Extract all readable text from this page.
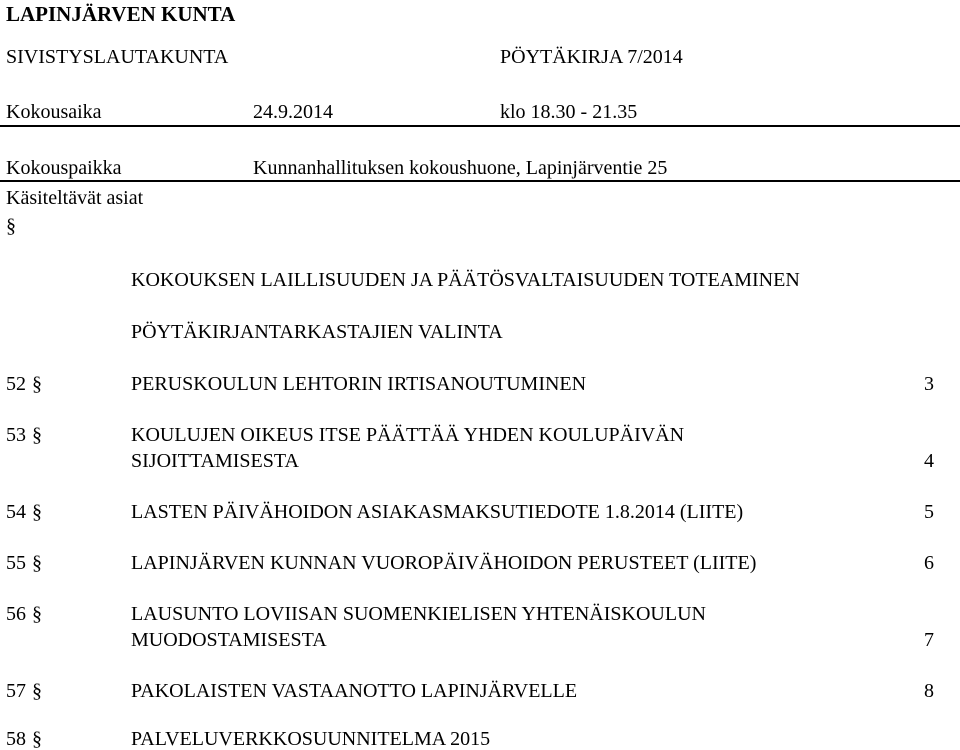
LAPINJÄRVEN KUNTA
SIVISTYSLAUTAKUNTA	PÖYTÄKIRJA 7/2014
Kokousaika	24.9.2014	klo 18.30 - 21.35
Kokouspaikka	Kunnanhallituksen kokoushuone, Lapinjärventie 25
Käsiteltävät asiat
§
KOKOUKSEN LAILLISUUDEN JA PÄÄTÖSVALTAISUUDEN TOTEAMINEN
PÖYTÄKIRJANTARKASTAJIEN VALINTA
52 §	PERUSKOULUN LEHTORIN IRTISANOUTUMINEN	3
53 §	KOULUJEN OIKEUS ITSE PÄÄTTÄÄ YHDEN KOULUPÄIVÄN
SIJOITTAMISESTA	4
54 §	LASTEN PÄIVÄHOIDON ASIAKASMAKSUTIEDOTE 1.8.2014 (LIITE)	5
55 §	LAPINJÄRVEN KUNNAN VUOROPÄIVÄHOIDON PERUSTEET (LIITE)	6
56 §	LAUSUNTO LOVIISAN SUOMENKIELISEN YHTENÄISKOULUN
MUODOSTAMISESTA	7
57 §	PAKOLAISTEN VASTAANOTTO LAPINJÄRVELLE	8
58 §	PALVELUVERKKOSUUNNITELMA 2015
